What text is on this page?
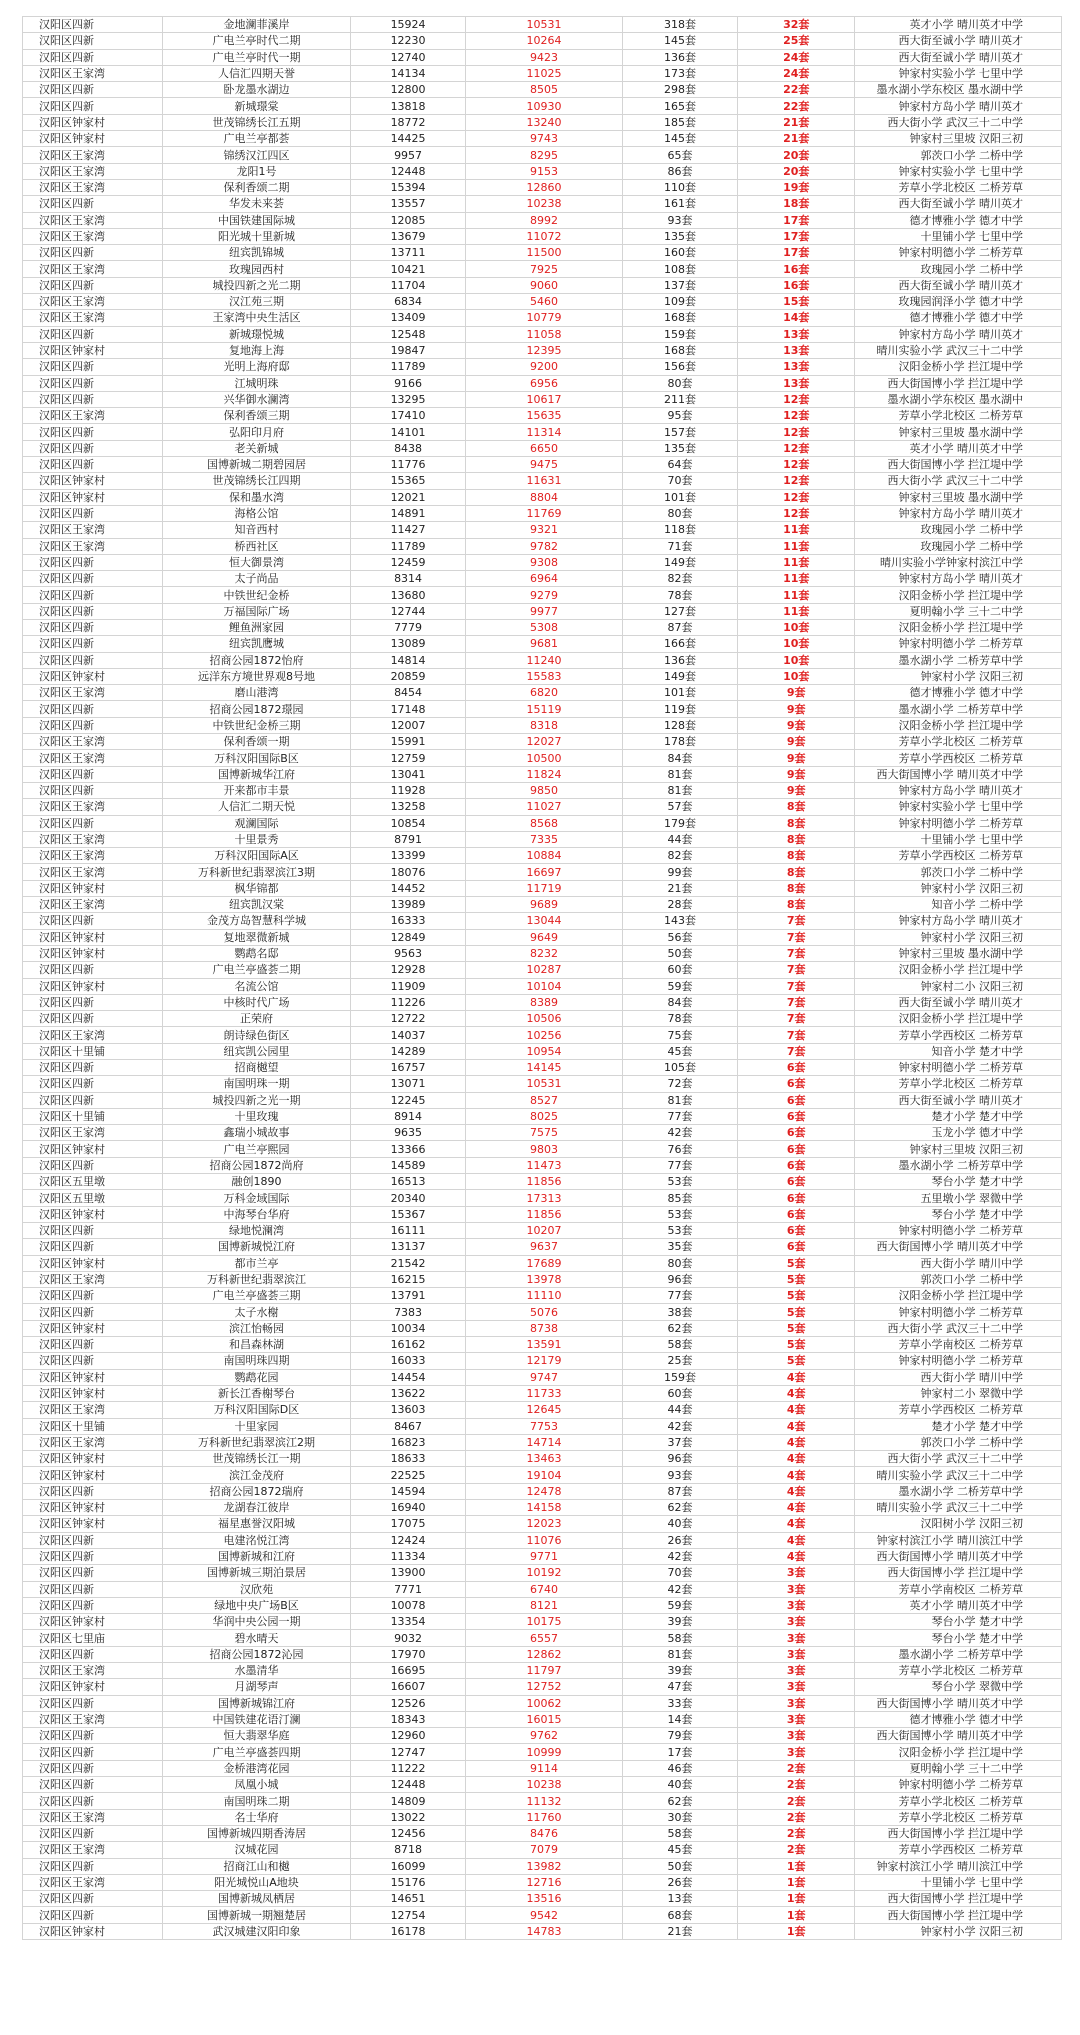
汉阳区四新	金地澜菲溪岸	15924	10531	318套	32套	英才小学 晴川英才中学
汉阳区四新	广电兰亭时代二期	12230	10264	145套	25套	西大街至诚小学 晴川英才
汉阳区四新	广电兰亭时代一期	12740	9423	136套	24套	西大街至诚小学 晴川英才
汉阳区王家湾	人信汇四期天誉	14134	11025	173套	24套	钟家村实验小学 七里中学
汉阳区四新	卧龙墨水湖边	12800	8505	298套	22套	墨水湖小学东校区 墨水湖中学
汉阳区四新	新城璟棠	13818	10930	165套	22套	钟家村方岛小学 晴川英才
汉阳区钟家村	世茂锦绣长江五期	18772	13240	185套	21套	西大街小学 武汉三十二中学
汉阳区钟家村	广电兰亭都荟	14425	9743	145套	21套	钟家村三里坡 汉阳三初
汉阳区王家湾	锦绣汉江四区	9957	8295	65套	20套	郭茨口小学 二桥中学
汉阳区王家湾	龙阳1号	12448	9153	86套	20套	钟家村实验小学 七里中学
汉阳区王家湾	保利香颂二期	15394	12860	110套	19套	芳草小学北校区 二桥芳草
汉阳区四新	华发未来荟	13557	10238	161套	18套	西大街至诚小学 晴川英才
汉阳区王家湾	中国铁建国际城	12085	8992	93套	17套	德才博雅小学 德才中学
汉阳区王家湾	阳光城十里新城	13679	11072	135套	17套	十里铺小学 七里中学
汉阳区四新	纽宾凯锦城	13711	11500	160套	17套	钟家村明德小学 二桥芳草
汉阳区王家湾	玫瑰园西村	10421	7925	108套	16套	玫瑰园小学 二桥中学
汉阳区四新	城投四新之光二期	11704	9060	137套	16套	西大街至诚小学 晴川英才
汉阳区王家湾	汉江苑三期	6834	5460	109套	15套	玫瑰园润泽小学 德才中学
汉阳区王家湾	王家湾中央生活区	13409	10779	168套	14套	德才博雅小学 德才中学
汉阳区四新	新城璟悦城	12548	11058	159套	13套	钟家村方岛小学 晴川英才
汉阳区钟家村	复地海上海	19847	12395	168套	13套	晴川实验小学 武汉三十二中学
汉阳区四新	光明上海府邸	11789	9200	156套	13套	汉阳金桥小学 拦江堤中学
汉阳区四新	江城明珠	9166	6956	80套	13套	西大街国博小学 拦江堤中学
汉阳区四新	兴华御水澜湾	13295	10617	211套	12套	墨水湖小学东校区 墨水湖中
汉阳区王家湾	保利香颂三期	17410	15635	95套	12套	芳草小学北校区 二桥芳草
汉阳区四新	弘阳印月府	14101	11314	157套	12套	钟家村三里坡 墨水湖中学
汉阳区四新	老关新城	8438	6650	135套	12套	英才小学 晴川英才中学
汉阳区四新	国博新城二期碧园居	11776	9475	64套	12套	西大街国博小学 拦江堤中学
汉阳区钟家村	世茂锦绣长江四期	15365	11631	70套	12套	西大街小学 武汉三十二中学
汉阳区钟家村	保和墨水湾	12021	8804	101套	12套	钟家村三里坡 墨水湖中学
汉阳区四新	海格公馆	14891	11769	80套	12套	钟家村方岛小学 晴川英才
汉阳区王家湾	知音西村	11427	9321	118套	11套	玫瑰园小学 二桥中学
汉阳区王家湾	桥西社区	11789	9782	71套	11套	玫瑰园小学 二桥中学
汉阳区四新	恒大御景湾	12459	9308	149套	11套	晴川实验小学钟家村滨江中学
汉阳区四新	太子尚品	8314	6964	82套	11套	钟家村方岛小学 晴川英才
汉阳区四新	中铁世纪金桥	13680	9279	78套	11套	汉阳金桥小学 拦江堤中学
汉阳区四新	万福国际广场	12744	9977	127套	11套	夏明翰小学 三十二中学
汉阳区四新	鲤鱼洲家园	7779	5308	87套	10套	汉阳金桥小学 拦江堤中学
汉阳区四新	纽宾凯鹰城	13089	9681	166套	10套	钟家村明德小学 二桥芳草
汉阳区四新	招商公园1872怡府	14814	11240	136套	10套	墨水湖小学 二桥芳草中学
汉阳区钟家村	远洋东方境世界观8号地	20859	15583	149套	10套	钟家村小学 汉阳三初
汉阳区王家湾	磨山港湾	8454	6820	101套	9套	德才博雅小学 德才中学
汉阳区四新	招商公园1872璟园	17148	15119	119套	9套	墨水湖小学 二桥芳草中学
汉阳区四新	中铁世纪金桥三期	12007	8318	128套	9套	汉阳金桥小学 拦江堤中学
汉阳区王家湾	保利香颂一期	15991	12027	178套	9套	芳草小学北校区 二桥芳草
汉阳区王家湾	万科汉阳国际B区	12759	10500	84套	9套	芳草小学西校区 二桥芳草
汉阳区四新	国博新城华江府	13041	11824	81套	9套	西大街国博小学 晴川英才中学
汉阳区四新	开来都市丰景	11928	9850	81套	9套	钟家村方岛小学 晴川英才
汉阳区王家湾	人信汇二期天悦	13258	11027	57套	8套	钟家村实验小学 七里中学
汉阳区四新	观澜国际	10854	8568	179套	8套	钟家村明德小学 二桥芳草
汉阳区王家湾	十里景秀	8791	7335	44套	8套	十里铺小学 七里中学
汉阳区王家湾	万科汉阳国际A区	13399	10884	82套	8套	芳草小学西校区 二桥芳草
汉阳区王家湾	万科新世纪翡翠滨江3期	18076	16697	99套	8套	郭茨口小学 二桥中学
汉阳区钟家村	枫华锦都	14452	11719	21套	8套	钟家村小学 汉阳三初
汉阳区王家湾	纽宾凯汉棠	13989	9689	28套	8套	知音小学 二桥中学
汉阳区四新	金茂方岛智慧科学城	16333	13044	143套	7套	钟家村方岛小学 晴川英才
汉阳区钟家村	复地翠微新城	12849	9649	56套	7套	钟家村小学 汉阳三初
汉阳区钟家村	鹦鹉名邸	9563	8232	50套	7套	钟家村三里坡 墨水湖中学
汉阳区四新	广电兰亭盛荟二期	12928	10287	60套	7套	汉阳金桥小学 拦江堤中学
汉阳区钟家村	名流公馆	11909	10104	59套	7套	钟家村二小 汉阳三初
汉阳区四新	中核时代广场	11226	8389	84套	7套	西大街至诚小学 晴川英才
汉阳区四新	正荣府	12722	10506	78套	7套	汉阳金桥小学 拦江堤中学
汉阳区王家湾	朗诗绿色街区	14037	10256	75套	7套	芳草小学西校区 二桥芳草
汉阳区十里铺	纽宾凯公园里	14289	10954	45套	7套	知音小学 楚才中学
汉阳区四新	招商樾望	16757	14145	105套	6套	钟家村明德小学 二桥芳草
汉阳区四新	南国明珠一期	13071	10531	72套	6套	芳草小学北校区 二桥芳草
汉阳区四新	城投四新之光一期	12245	8527	81套	6套	西大街至诚小学 晴川英才
汉阳区十里铺	十里玫瑰	8914	8025	77套	6套	楚才小学 楚才中学
汉阳区王家湾	鑫瑞小城故事	9635	7575	42套	6套	玉龙小学 德才中学
汉阳区钟家村	广电兰亭熙园	13366	9803	76套	6套	钟家村三里坡 汉阳三初
汉阳区四新	招商公园1872尚府	14589	11473	77套	6套	墨水湖小学 二桥芳草中学
汉阳区五里墩	融创1890	16513	11856	53套	6套	琴台小学 楚才中学
汉阳区五里墩	万科金域国际	20340	17313	85套	6套	五里墩小学 翠微中学
汉阳区钟家村	中海琴台华府	15367	11856	53套	6套	琴台小学 楚才中学
汉阳区四新	绿地悦澜湾	16111	10207	53套	6套	钟家村明德小学 二桥芳草
汉阳区四新	国博新城悦江府	13137	9637	35套	6套	西大街国博小学 晴川英才中学
汉阳区钟家村	都市兰亭	21542	17689	80套	5套	西大街小学 晴川中学
汉阳区王家湾	万科新世纪翡翠滨江	16215	13978	96套	5套	郭茨口小学 二桥中学
汉阳区四新	广电兰亭盛荟三期	13791	11110	77套	5套	汉阳金桥小学 拦江堤中学
汉阳区四新	太子水榭	7383	5076	38套	5套	钟家村明德小学 二桥芳草
汉阳区钟家村	滨江怡畅园	10034	8738	62套	5套	西大街小学 武汉三十二中学
汉阳区四新	和昌森林湖	16162	13591	58套	5套	芳草小学南校区 二桥芳草
汉阳区四新	南国明珠四期	16033	12179	25套	5套	钟家村明德小学 二桥芳草
汉阳区钟家村	鹦鹉花园	14454	9747	159套	4套	西大街小学 晴川中学
汉阳区钟家村	新长江香榭琴台	13622	11733	60套	4套	钟家村二小 翠微中学
汉阳区王家湾	万科汉阳国际D区	13603	12645	44套	4套	芳草小学西校区 二桥芳草
汉阳区十里铺	十里家园	8467	7753	42套	4套	楚才小学 楚才中学
汉阳区王家湾	万科新世纪翡翠滨江2期	16823	14714	37套	4套	郭茨口小学 二桥中学
汉阳区钟家村	世茂锦绣长江一期	18633	13463	96套	4套	西大街小学 武汉三十二中学
汉阳区钟家村	滨江金茂府	22525	19104	93套	4套	晴川实验小学 武汉三十二中学
汉阳区四新	招商公园1872瑞府	14594	12478	87套	4套	墨水湖小学 二桥芳草中学
汉阳区钟家村	龙湖春江彼岸	16940	14158	62套	4套	晴川实验小学 武汉三十二中学
汉阳区钟家村	福星惠誉汉阳城	17075	12023	40套	4套	汉阳树小学 汉阳三初
汉阳区四新	电建洺悦江湾	12424	11076	26套	4套	钟家村滨江小学 晴川滨江中学
汉阳区四新	国博新城和江府	11334	9771	42套	4套	西大街国博小学 晴川英才中学
汉阳区四新	国博新城三期泊景居	13900	10192	70套	3套	西大街国博小学 拦江堤中学
汉阳区四新	汉欣苑	7771	6740	42套	3套	芳草小学南校区 二桥芳草
汉阳区四新	绿地中央广场B区	10078	8121	59套	3套	英才小学 晴川英才中学
汉阳区钟家村	华润中央公园一期	13354	10175	39套	3套	琴台小学 楚才中学
汉阳区七里庙	碧水晴天	9032	6557	58套	3套	琴台小学 楚才中学
汉阳区四新	招商公园1872沁园	17970	12862	81套	3套	墨水湖小学 二桥芳草中学
汉阳区王家湾	水墨清华	16695	11797	39套	3套	芳草小学北校区 二桥芳草
汉阳区钟家村	月湖琴声	16607	12752	47套	3套	琴台小学 翠微中学
汉阳区四新	国博新城锦江府	12526	10062	33套	3套	西大街国博小学 晴川英才中学
汉阳区王家湾	中国铁建花语汀澜	18343	16015	14套	3套	德才博雅小学 德才中学
汉阳区四新	恒大翡翠华庭	12960	9762	79套	3套	西大街国博小学 晴川英才中学
汉阳区四新	广电兰亭盛荟四期	12747	10999	17套	3套	汉阳金桥小学 拦江堤中学
汉阳区四新	金桥港湾花园	11222	9114	46套	2套	夏明翰小学 三十二中学
汉阳区四新	凤凰小城	12448	10238	40套	2套	钟家村明德小学 二桥芳草
汉阳区四新	南国明珠二期	14809	11132	62套	2套	芳草小学北校区 二桥芳草
汉阳区王家湾	名士华府	13022	11760	30套	2套	芳草小学北校区 二桥芳草
汉阳区四新	国博新城四期香涛居	12456	8476	58套	2套	西大街国博小学 拦江堤中学
汉阳区王家湾	汉城花园	8718	7079	45套	2套	芳草小学西校区 二桥芳草
汉阳区四新	招商江山和樾	16099	13982	50套	1套	钟家村滨江小学 晴川滨江中学
汉阳区王家湾	阳光城悦山A地块	15176	12716	26套	1套	十里铺小学 七里中学
汉阳区四新	国博新城凤栖居	14651	13516	13套	1套	西大街国博小学 拦江堤中学
汉阳区四新	国博新城一期翘楚居	12754	9542	68套	1套	西大街国博小学 拦江堤中学
汉阳区钟家村	武汉城建汉阳印象	16178	14783	21套	1套	钟家村小学 汉阳三初
